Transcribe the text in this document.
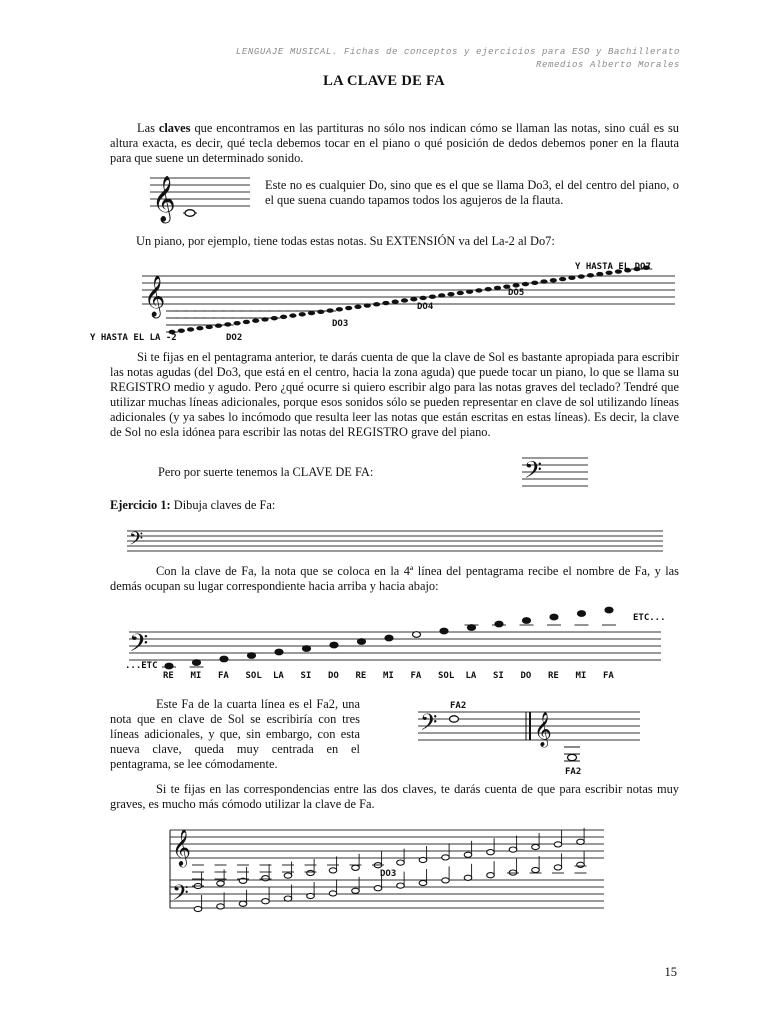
LENGUAJE MUSICAL. Fichas de conceptos y ejercicios para ESO y Bachillerato
Remedios Alberto Morales
LA CLAVE DE FA
Las claves que encontramos en las partituras no sólo nos indican cómo se llaman las notas, sino cuál es su altura exacta, es decir, qué tecla debemos tocar en el piano o qué posición de dedos debemos poner en la flauta para que suene un determinado sonido.
𝄞	Este no es cualquier Do, sino que es el que se llama Do3, el del centro del piano, o el que suena cuando tapamos todos los agujeros de la flauta.
Un piano, por ejemplo, tiene todas estas notas. Su EXTENSIÓN va del La-2 al Do7:
𝄞
Y HASTA EL DO7
Y HASTA EL LA -2	DO2
DO3
DO4
DO5
Si te fijas en el pentagrama anterior, te darás cuenta de que la clave de Sol es bastante apropiada para escribir las notas agudas (del Do3, que está en el centro, hacia la zona aguda) que puede tocar un piano, lo que se llama su REGISTRO medio y agudo. Pero ¿qué ocurre si quiero escribir algo para las notas graves del teclado? Tendré que utilizar muchas líneas adicionales, porque esos sonidos sólo se pueden representar en clave de sol utilizando líneas adicionales (y ya sabes lo incómodo que resulta leer las notas que están escritas en estas líneas). Es decir, la clave de Sol no esla idónea para escribir las notas del REGISTRO grave del piano.
Pero por suerte tenemos la CLAVE DE FA:	𝄢
Ejercicio 1: Dibuja claves de Fa:
𝄢
Con la clave de Fa, la nota que se coloca en la 4ª línea del pentagrama recibe el nombre de Fa, y las demás ocupan su lugar correspondiente hacia arriba y hacia abajo:
𝄢
RE MI FA SOL LA SI DO RE MI FA SOL LA SI DO RE MI FA
ETC...
...ETC
Este Fa de la cuarta línea es el Fa2, una nota que en clave de Sol se escribiría con tres líneas adicionales, y que, sin embargo, con esta nueva clave, queda muy centrada en el pentagrama, se lee cómodamente.
𝄢	𝄞
FA2
FA2
Si te fijas en las correspondencias entre las dos claves, te darás cuenta de que para escribir notas muy graves, es mucho más cómodo utilizar la clave de Fa.
𝄞
𝄢
DO3
15
